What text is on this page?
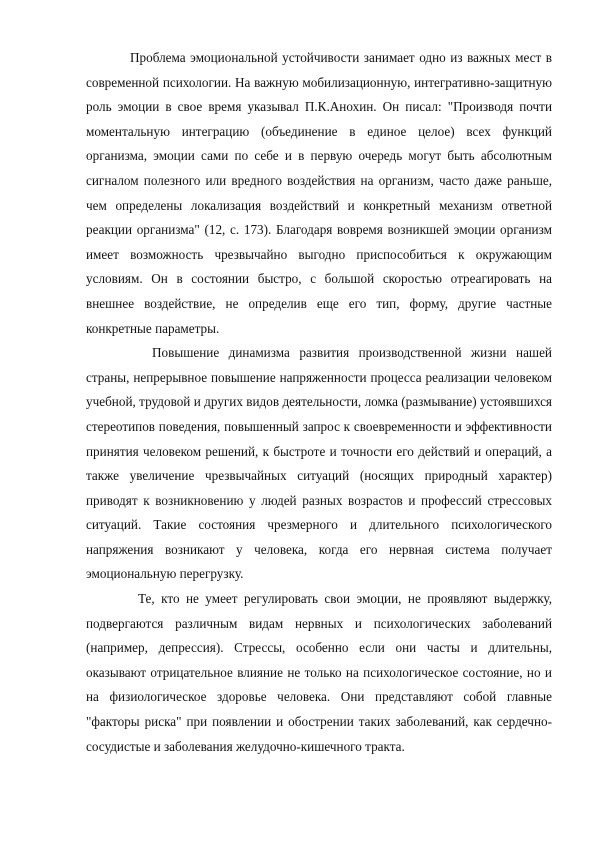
Проблема эмоциональной устойчивости занимает одно из важных мест в современной психологии. На важную мобилизационную, интегративно-защитную роль эмоции в свое время указывал П.К.Анохин. Он писал: "Производя почти моментальную интеграцию (объединение в единое целое) всех функций организма, эмоции сами по себе и в первую очередь могут быть абсолютным сигналом полезного или вредного воздействия на организм, часто даже раньше, чем определены локализация воздействий и конкретный механизм ответной реакции организма" (12, с. 173). Благодаря вовремя возникшей эмоции организм имеет возможность чрезвычайно выгодно приспособиться к окружающим условиям. Он в состоянии быстро, с большой скоростью отреагировать на внешнее воздействие, не определив еще его тип, форму, другие частные конкретные параметры.

Повышение динамизма развития производственной жизни нашей страны, непрерывное повышение напряженности процесса реализации человеком учебной, трудовой и других видов деятельности, ломка (размывание) устоявшихся стереотипов поведения, повышенный запрос к своевременности и эффективности принятия человеком решений, к быстроте и точности его действий и операций, а также увеличение чрезвычайных ситуаций (носящих природный характер) приводят к возникновению у людей разных возрастов и профессий стрессовых ситуаций. Такие состояния чрезмерного и длительного психологического напряжения возникают у человека, когда его нервная система получает эмоциональную перегрузку.

Те, кто не умеет регулировать свои эмоции, не проявляют выдержку, подвергаются различным видам нервных и психологических заболеваний (например, депрессия). Стрессы, особенно если они часты и длительны, оказывают отрицательное влияние не только на психологическое состояние, но и на физиологическое здоровье человека. Они представляют собой главные "факторы риска" при появлении и обострении таких заболеваний, как сердечно-сосудистые и заболевания желудочно-кишечного тракта.
